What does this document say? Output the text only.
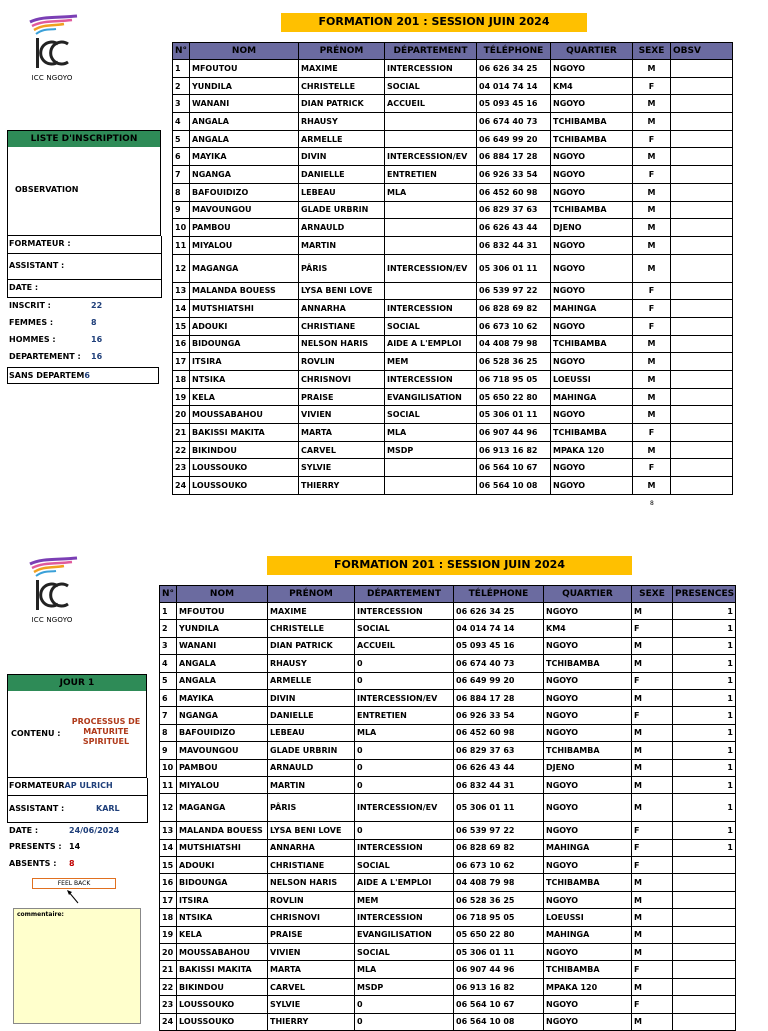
ICC NGOYO
FORMATION 201 : SESSION JUIN 2024
N°	NOM	PRÉNOM	DÉPARTEMENT	TÉLÉPHONE	QUARTIER	SEXE	OBSV
1	MFOUTOU	MAXIME	INTERCESSION	06 626 34 25	NGOYO	M	
2	YUNDILA	CHRISTELLE	SOCIAL	04 014 74 14	KM4	F	
3	WANANI	DIAN PATRICK	ACCUEIL	05 093 45 16	NGOYO	M	
4	ANGALA	RHAUSY		06 674 40 73	TCHIBAMBA	M	
5	ANGALA	ARMELLE		06 649 99 20	TCHIBAMBA	F	
6	MAYIKA	DIVIN	INTERCESSION/EV	06 884 17 28	NGOYO	M	
7	NGANGA	DANIELLE	ENTRETIEN	06 926 33 54	NGOYO	F	
8	BAFOUIDIZO	LEBEAU	MLA	06 452 60 98	NGOYO	M	
9	MAVOUNGOU	GLADE URBRIN		06 829 37 63	TCHIBAMBA	M	
10	PAMBOU	ARNAULD		06 626 43 44	DJENO	M	
11	MIYALOU	MARTIN		06 832 44 31	NGOYO	M	
12	MAGANGA	PÂRIS	INTERCESSION/EV	05 306 01 11	NGOYO	M	
13	MALANDA BOUESS	LYSA BENI LOVE		06 539 97 22	NGOYO	F	
14	MUTSHIATSHI	ANNARHA	INTERCESSION	06 828 69 82	MAHINGA	F	
15	ADOUKI	CHRISTIANE	SOCIAL	06 673 10 62	NGOYO	F	
16	BIDOUNGA	NELSON HARIS	AIDE A L'EMPLOI	04 408 79 98	TCHIBAMBA	M	
17	ITSIRA	ROVLIN	MEM	06 528 36 25	NGOYO	M	
18	NTSIKA	CHRISNOVI	INTERCESSION	06 718 95 05	LOEUSSI	M	
19	KELA	PRAISE	EVANGILISATION	05 650 22 80	MAHINGA	M	
20	MOUSSABAHOU	VIVIEN	SOCIAL	05 306 01 11	NGOYO	M	
21	BAKISSI MAKITA	MARTA	MLA	06 907 44 96	TCHIBAMBA	F	
22	BIKINDOU	CARVEL	MSDP	06 913 16 82	MPAKA 120	M	
23	LOUSSOUKO	SYLVIE		06 564 10 67	NGOYO	F	
24	LOUSSOUKO	THIERRY		06 564 10 08	NGOYO	M	
LISTE D'INSCRIPTION
OBSERVATION
FORMATEUR :
ASSISTANT :
DATE :
INSCRIT :	22
FEMMES :	8
HOMMES :	16
DEPARTEMENT : 16
SANS DEPARTEM6
8
ICC NGOYO
FORMATION 201 : SESSION JUIN 2024
N°	NOM	PRÉNOM	DÉPARTEMENT	TÉLÉPHONE	QUARTIER	SEXE	PRESENCES
1	MFOUTOU	MAXIME	INTERCESSION	06 626 34 25	NGOYO	M	1
2	YUNDILA	CHRISTELLE	SOCIAL	04 014 74 14	KM4	F	1
3	WANANI	DIAN PATRICK	ACCUEIL	05 093 45 16	NGOYO	M	1
4	ANGALA	RHAUSY	0	06 674 40 73	TCHIBAMBA	M	1
5	ANGALA	ARMELLE	0	06 649 99 20	NGOYO	F	1
6	MAYIKA	DIVIN	INTERCESSION/EV	06 884 17 28	NGOYO	M	1
7	NGANGA	DANIELLE	ENTRETIEN	06 926 33 54	NGOYO	F	1
8	BAFOUIDIZO	LEBEAU	MLA	06 452 60 98	NGOYO	M	1
9	MAVOUNGOU	GLADE URBRIN	0	06 829 37 63	TCHIBAMBA	M	1
10	PAMBOU	ARNAULD	0	06 626 43 44	DJENO	M	1
11	MIYALOU	MARTIN	0	06 832 44 31	NGOYO	M	1
12	MAGANGA	PÂRIS	INTERCESSION/EV	05 306 01 11	NGOYO	M	1
13	MALANDA BOUESS	LYSA BENI LOVE	0	06 539 97 22	NGOYO	F	1
14	MUTSHIATSHI	ANNARHA	INTERCESSION	06 828 69 82	MAHINGA	F	1
15	ADOUKI	CHRISTIANE	SOCIAL	06 673 10 62	NGOYO	F	
16	BIDOUNGA	NELSON HARIS	AIDE A L'EMPLOI	04 408 79 98	TCHIBAMBA	M	
17	ITSIRA	ROVLIN	MEM	06 528 36 25	NGOYO	M	
18	NTSIKA	CHRISNOVI	INTERCESSION	06 718 95 05	LOEUSSI	M	
19	KELA	PRAISE	EVANGILISATION	05 650 22 80	MAHINGA	M	
20	MOUSSABAHOU	VIVIEN	SOCIAL	05 306 01 11	NGOYO	M	
21	BAKISSI MAKITA	MARTA	MLA	06 907 44 96	TCHIBAMBA	F	
22	BIKINDOU	CARVEL	MSDP	06 913 16 82	MPAKA 120	M	
23	LOUSSOUKO	SYLVIE	0	06 564 10 67	NGOYO	F	
24	LOUSSOUKO	THIERRY	0	06 564 10 08	NGOYO	M	
JOUR 1
CONTENU :
PROCESSUS DE MATURITE SPIRITUEL
FORMATEURAP ULRICH
ASSISTANT :	KARL
DATE :	24/06/2024
PRESENTS : 14
ABSENTS : 8
FEEL BACK
commentaire:
